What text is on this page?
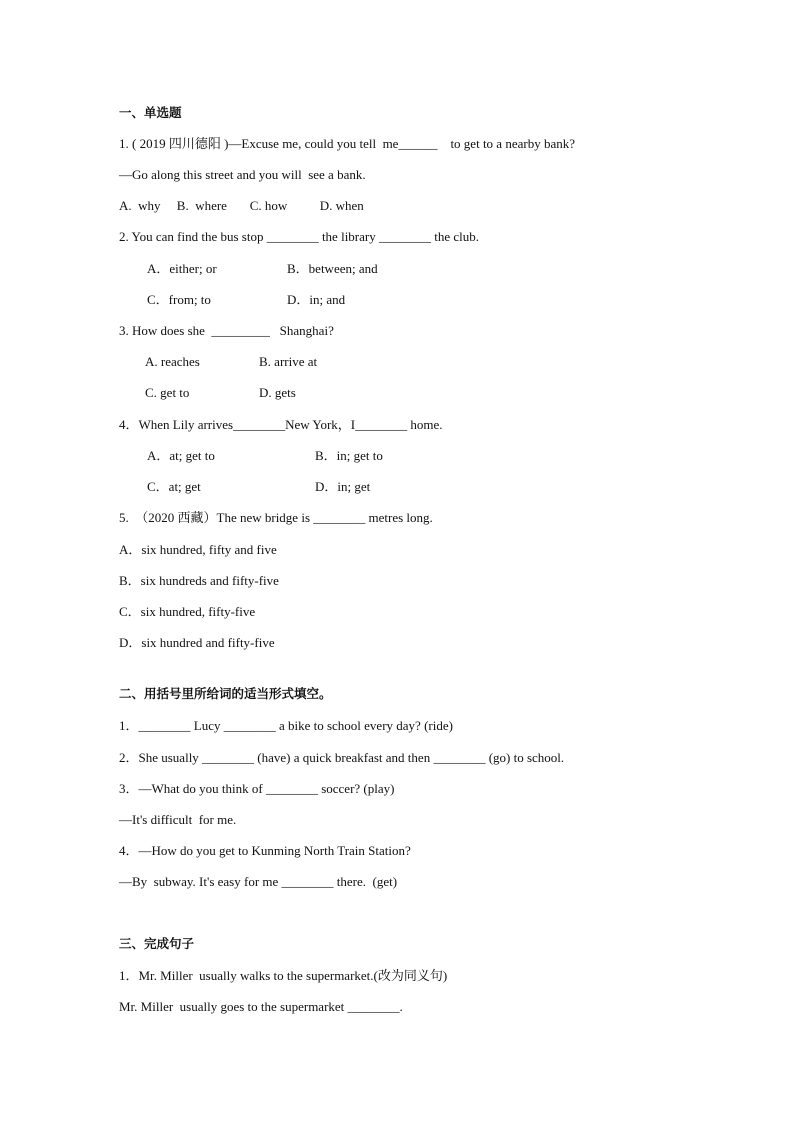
一、单选题
1. ( 2019 四川德阳 )—Excuse me, could you tell  me______    to get to a nearby bank?
—Go along this street and you will  see a bank.
A.  why     B.  where       C. how          D. when
2. You can find the bus stop ________ the library ________ the club.
A．either; or	B．between; and
C．from; to	D．in; and
3. How does she  _________   Shanghai?
A. reaches	B. arrive at
C. get to	D. gets
4．When Lily arrives________New York，I________ home.
A．at; get to	B．in; get to
C．at; get	D．in; get
5.  （2020 西藏）The new bridge is ________ metres long.
A．six hundred, fifty and five
B．six hundreds and fifty-five
C．six hundred, fifty-five
D．six hundred and fifty-five
二、用括号里所给词的适当形式填空。
1．________ Lucy ________ a bike to school every day? (ride)
2．She usually ________ (have) a quick breakfast and then ________ (go) to school.
3．—What do you think of ________ soccer? (play)
—It's difficult  for me.
4．—How do you get to Kunming North Train Station?
—By  subway. It's easy for me ________ there.  (get)
三、完成句子
1．Mr. Miller  usually walks to the supermarket.(改为同义句)
Mr. Miller  usually goes to the supermarket ________.
